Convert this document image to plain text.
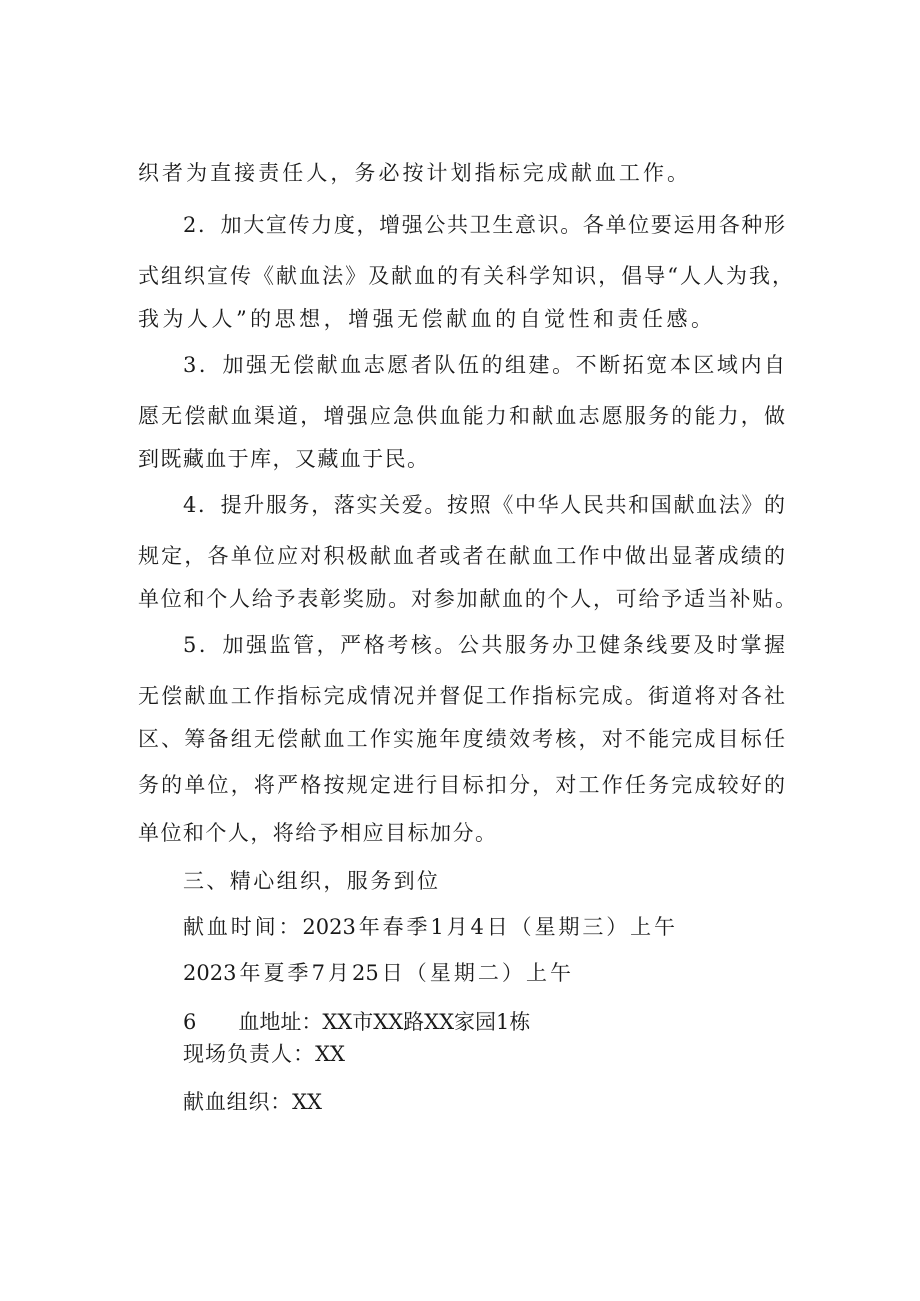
织者为直接责任人，务必按计划指标完成献血工作。
2．加大宣传力度，增强公共卫生意识。各单位要运用各种形
式组织宣传《献血法》及献血的有关科学知识，倡导“人人为我，
我为人人”的思想，增强无偿献血的自觉性和责任感。
3．加强无偿献血志愿者队伍的组建。不断拓宽本区域内自
愿无偿献血渠道，增强应急供血能力和献血志愿服务的能力，做
到既藏血于库，又藏血于民。
4．提升服务，落实关爱。按照《中华人民共和国献血法》的
规定，各单位应对积极献血者或者在献血工作中做出显著成绩的
单位和个人给予表彰奖励。对参加献血的个人，可给予适当补贴。
5．加强监管，严格考核。公共服务办卫健条线要及时掌握
无偿献血工作指标完成情况并督促工作指标完成。街道将对各社
区、筹备组无偿献血工作实施年度绩效考核，对不能完成目标任
务的单位，将严格按规定进行目标扣分，对工作任务完成较好的
单位和个人，将给予相应目标加分。
三、精心组织，服务到位
献血时间：2023年春季1月4日（星期三）上午
2023年夏季7月25日（星期二）上午
6　　血地址：XX市XX路XX家园1栋
现场负责人：XX
献血组织：XX
